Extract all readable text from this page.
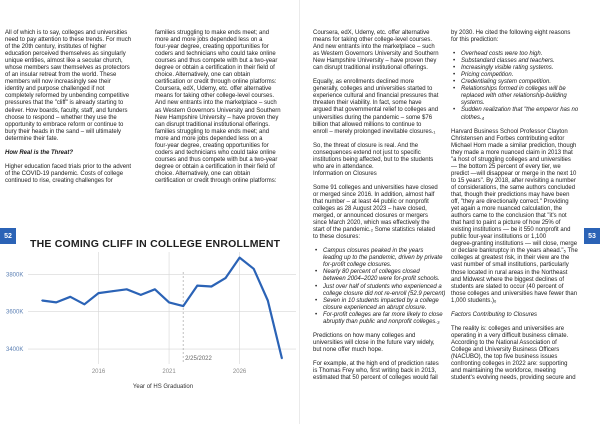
All of which is to say, colleges and universities

need to pay attention to these trends. For much

of the 20th century, institutes of higher

education perceived themselves as singularly

unique entities, almost like a secular church,

whose members saw themselves as protectors

of an insular retreat from the world. These

members will now increasingly see their

identity and purpose challenged if not

completely reformed by unbending competitive

pressures that the "cliff" is already starting to

deliver. How boards, faculty, staff, and funders

choose to respond – whether they use the

opportunity to embrace reform or continue to

bury their heads in the sand – will ultimately

determine their fate.

How Real is the Threat?

Higher education faced trials prior to the advent

of the COVID-19 pandemic. Costs of college

continued to rise, creating challenges for

families struggling to make ends meet; and

more and more jobs depended less on a

four-year degree, creating opportunities for

coders and technicians who could take online

courses and thus compete with but a two-year

degree or obtain a certification in their field of

choice. Alternatively, one can obtain

certification or credit through online platforms:

Coursera, edX, Udemy, etc. offer alternative

means for taking other college-level courses.

And new entrants into the marketplace – such

as Western Governors University and Southern

New Hampshire University – have proven they

can disrupt traditional institutional offerings.

families struggling to make ends meet; and

more and more jobs depended less on a

four-year degree, creating opportunities for

coders and technicians who could take online

courses and thus compete with but a two-year

degree or obtain a certification in their field of

choice. Alternatively, one can obtain

certification or credit through online platforms:

52
THE COMING CLIFF IN COLLEGE ENROLLMENT
3400K
3600K
3800K
2016	2021	2026
2/25/2022
Year of HS Graduation

Coursera, edX, Udemy, etc. offer alternative

means for taking other college-level courses.

And new entrants into the marketplace – such

as Western Governors University and Southern

New Hampshire University – have proven they

can disrupt traditional institutional offerings.

Equally, as enrollments declined more

generally, colleges and universities started to

experience cultural and financial pressures that

threaten their viability. In fact, some have

argued that governmental relief to colleges and

universities during the pandemic – some $76

billion that allowed millions to continue to

enroll – merely prolonged inevitable closures.₁

So, the threat of closure is real. And the

consequences extend not just to specific

institutions being affected, but to the students

who are in attendance.

Information on Closures

Some 91 colleges and universities have closed

or merged since 2016. In addition, almost half

that number – at least 44 public or nonprofit

colleges as 28 August 2023 – have closed,

merged, or announced closures or mergers

since March 2020, which was effectively the

start of the pandemic.₂ Some statistics related

to these closures:

• Campus closures peaked in the years

leading up to the pandemic, driven by private

for-profit college closures.

• Nearly 80 percent of colleges closed

between 2004–2020 were for-profit schools.

• Just over half of students who experienced a

college closure did not re-enroll (52.9 percent)

• Seven in 10 students impacted by a college

closure experienced an abrupt closure.

• For-profit colleges are far more likely to close

abruptly than public and nonprofit colleges.₃

Predictions on how many colleges and

universities will close in the future vary widely,

but none offer much hope.

For example, at the high end of prediction rates

is Thomas Frey who, first writing back in 2013,

estimated that 50 percent of colleges would fail

by 2030. He cited the following eight reasons

for this prediction:

• Overhead costs were too high.
• Substandard classes and teachers.
• Increasingly visible rating systems.
• Pricing competition.
• Credentialing system competition.
• Relationships formed in colleges will be

replaced with other relationship-building

systems.

• Sudden realization that "the emperor has no

clothes.₄

Harvard Business School Professor Clayton

Christensen and Forbes contributing editor

Michael Horn made a similar prediction, though

they made a more nuanced claim in 2013 that

"a host of struggling colleges and universities

— the bottom 25 percent of every tier, we

predict —will disappear or merge in the next 10

to 15 years". By 2018, after revisiting a number

of considerations, the same authors concluded

that, though their predictions may have been

off, "they are directionally correct." Providing

yet again a more nuanced calculation, the

authors came to the conclusion that "it's not

that hard to paint a picture of how 25% of

existing institutions — be it 550 nonprofit and

public four-year institutions or 1,100

degree-granting institutions — will close, merge

or declare bankruptcy in the years ahead."₅ The

colleges at greatest risk, in their view are the

vast number of small institutions, particularly

those located in rural areas in the Northeast

and Midwest where the biggest declines of

students are slated to occur (40 percent of

those colleges and universities have fewer than

1,000 students.)₆

Factors Contributing to Closures

The reality is: colleges and universities are

operating in a very difficult business climate.

According to the National Association of

College and University Business Officers

(NACUBO), the top five business issues

confronting colleges in 2022 are: supporting

and maintaining the workforce, meeting

student's evolving needs, providing secure and

53
